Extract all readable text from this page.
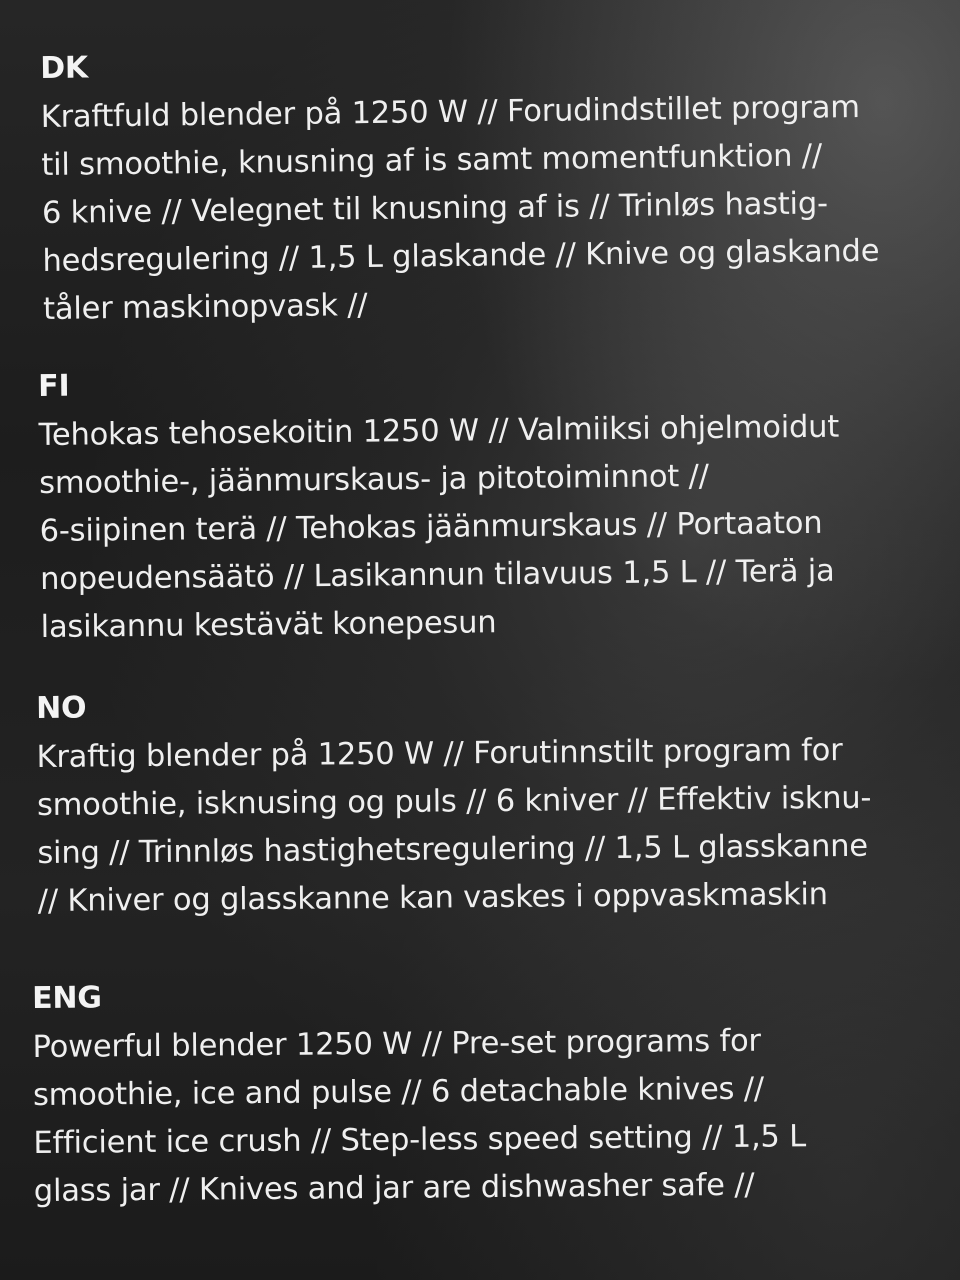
DK
Kraftfuld blender på 1250 W // Forudindstillet program
til smoothie, knusning af is samt momentfunktion //
6 knive // Velegnet til knusning af is // Trinløs hastig-
hedsregulering // 1,5 L glaskande // Knive og glaskande
tåler maskinopvask //
FI
Tehokas tehosekoitin 1250 W // Valmiiksi ohjelmoidut
smoothie-, jäänmurskaus- ja pitotoiminnot //
6-siipinen terä // Tehokas jäänmurskaus // Portaaton
nopeudensäätö // Lasikannun tilavuus 1,5 L // Terä ja
lasikannu kestävät konepesun
NO
Kraftig blender på 1250 W // Forutinnstilt program for
smoothie, isknusing og puls // 6 kniver // Effektiv isknu-
sing // Trinnløs hastighetsregulering // 1,5 L glasskanne
// Kniver og glasskanne kan vaskes i oppvaskmaskin
ENG
Powerful blender 1250 W // Pre-set programs for
smoothie, ice and pulse // 6 detachable knives //
Efficient ice crush // Step-less speed setting // 1,5 L
glass jar // Knives and jar are dishwasher safe //
